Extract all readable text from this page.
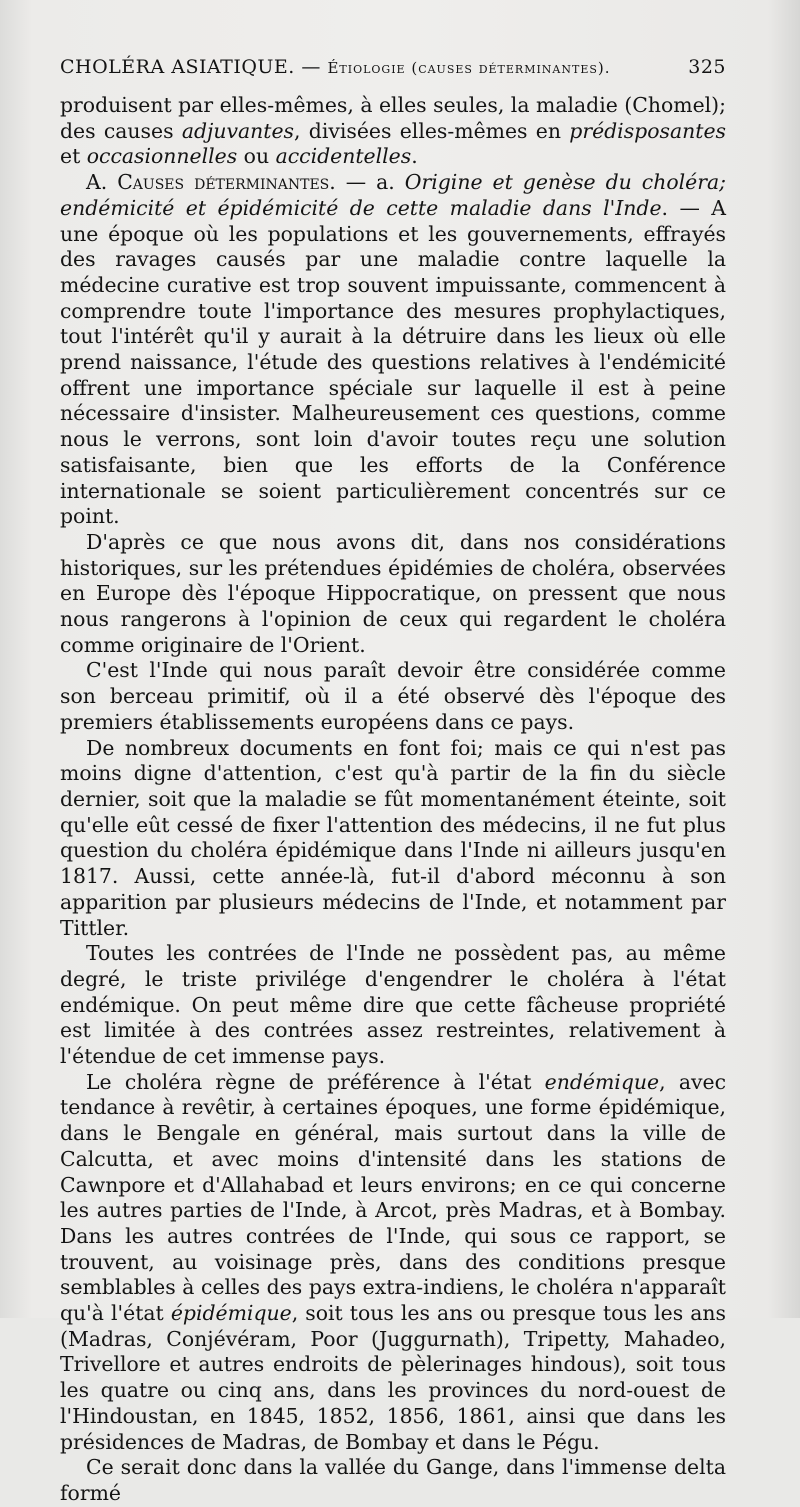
CHOLÉRA ASIATIQUE. — Étiologie (causes déterminantes).	325

produisent par elles-mêmes, à elles seules, la maladie (Chomel); des causes adjuvantes, divisées elles-mêmes en prédisposantes et occasionnelles ou accidentelles.

A. Causes déterminantes. — a. Origine et genèse du choléra; endémicité et épidémicité de cette maladie dans l'Inde. — A une époque où les populations et les gouvernements, effrayés des ravages causés par une maladie contre laquelle la médecine curative est trop souvent impuissante, commencent à comprendre toute l'importance des mesures prophylactiques, tout l'intérêt qu'il y aurait à la détruire dans les lieux où elle prend naissance, l'étude des questions relatives à l'endémicité offrent une importance spéciale sur laquelle il est à peine nécessaire d'insister. Malheureusement ces questions, comme nous le verrons, sont loin d'avoir toutes reçu une solution satisfaisante, bien que les efforts de la Conférence internationale se soient particulièrement concentrés sur ce point.

D'après ce que nous avons dit, dans nos considérations historiques, sur les prétendues épidémies de choléra, observées en Europe dès l'époque Hippocratique, on pressent que nous nous rangerons à l'opinion de ceux qui regardent le choléra comme originaire de l'Orient.

C'est l'Inde qui nous paraît devoir être considérée comme son berceau primitif, où il a été observé dès l'époque des premiers établissements européens dans ce pays.

De nombreux documents en font foi; mais ce qui n'est pas moins digne d'attention, c'est qu'à partir de la fin du siècle dernier, soit que la maladie se fût momentanément éteinte, soit qu'elle eût cessé de fixer l'attention des médecins, il ne fut plus question du choléra épidémique dans l'Inde ni ailleurs jusqu'en 1817. Aussi, cette année-là, fut-il d'abord méconnu à son apparition par plusieurs médecins de l'Inde, et notamment par Tittler.

Toutes les contrées de l'Inde ne possèdent pas, au même degré, le triste privilége d'engendrer le choléra à l'état endémique. On peut même dire que cette fâcheuse propriété est limitée à des contrées assez restreintes, relativement à l'étendue de cet immense pays.

Le choléra règne de préférence à l'état endémique, avec tendance à revêtir, à certaines époques, une forme épidémique, dans le Bengale en général, mais surtout dans la ville de Calcutta, et avec moins d'intensité dans les stations de Cawnpore et d'Allahabad et leurs environs; en ce qui concerne les autres parties de l'Inde, à Arcot, près Madras, et à Bombay. Dans les autres contrées de l'Inde, qui sous ce rapport, se trouvent, au voisinage près, dans des conditions presque semblables à celles des pays extra-indiens, le choléra n'apparaît qu'à l'état épidémique, soit tous les ans ou presque tous les ans (Madras, Conjévéram, Poor (Juggurnath), Tripetty, Mahadeo, Trivellore et autres endroits de pèlerinages hindous), soit tous les quatre ou cinq ans, dans les provinces du nord-ouest de l'Hindoustan, en 1845, 1852, 1856, 1861, ainsi que dans les présidences de Madras, de Bombay et dans le Pégu.

Ce serait donc dans la vallée du Gange, dans l'immense delta formé
